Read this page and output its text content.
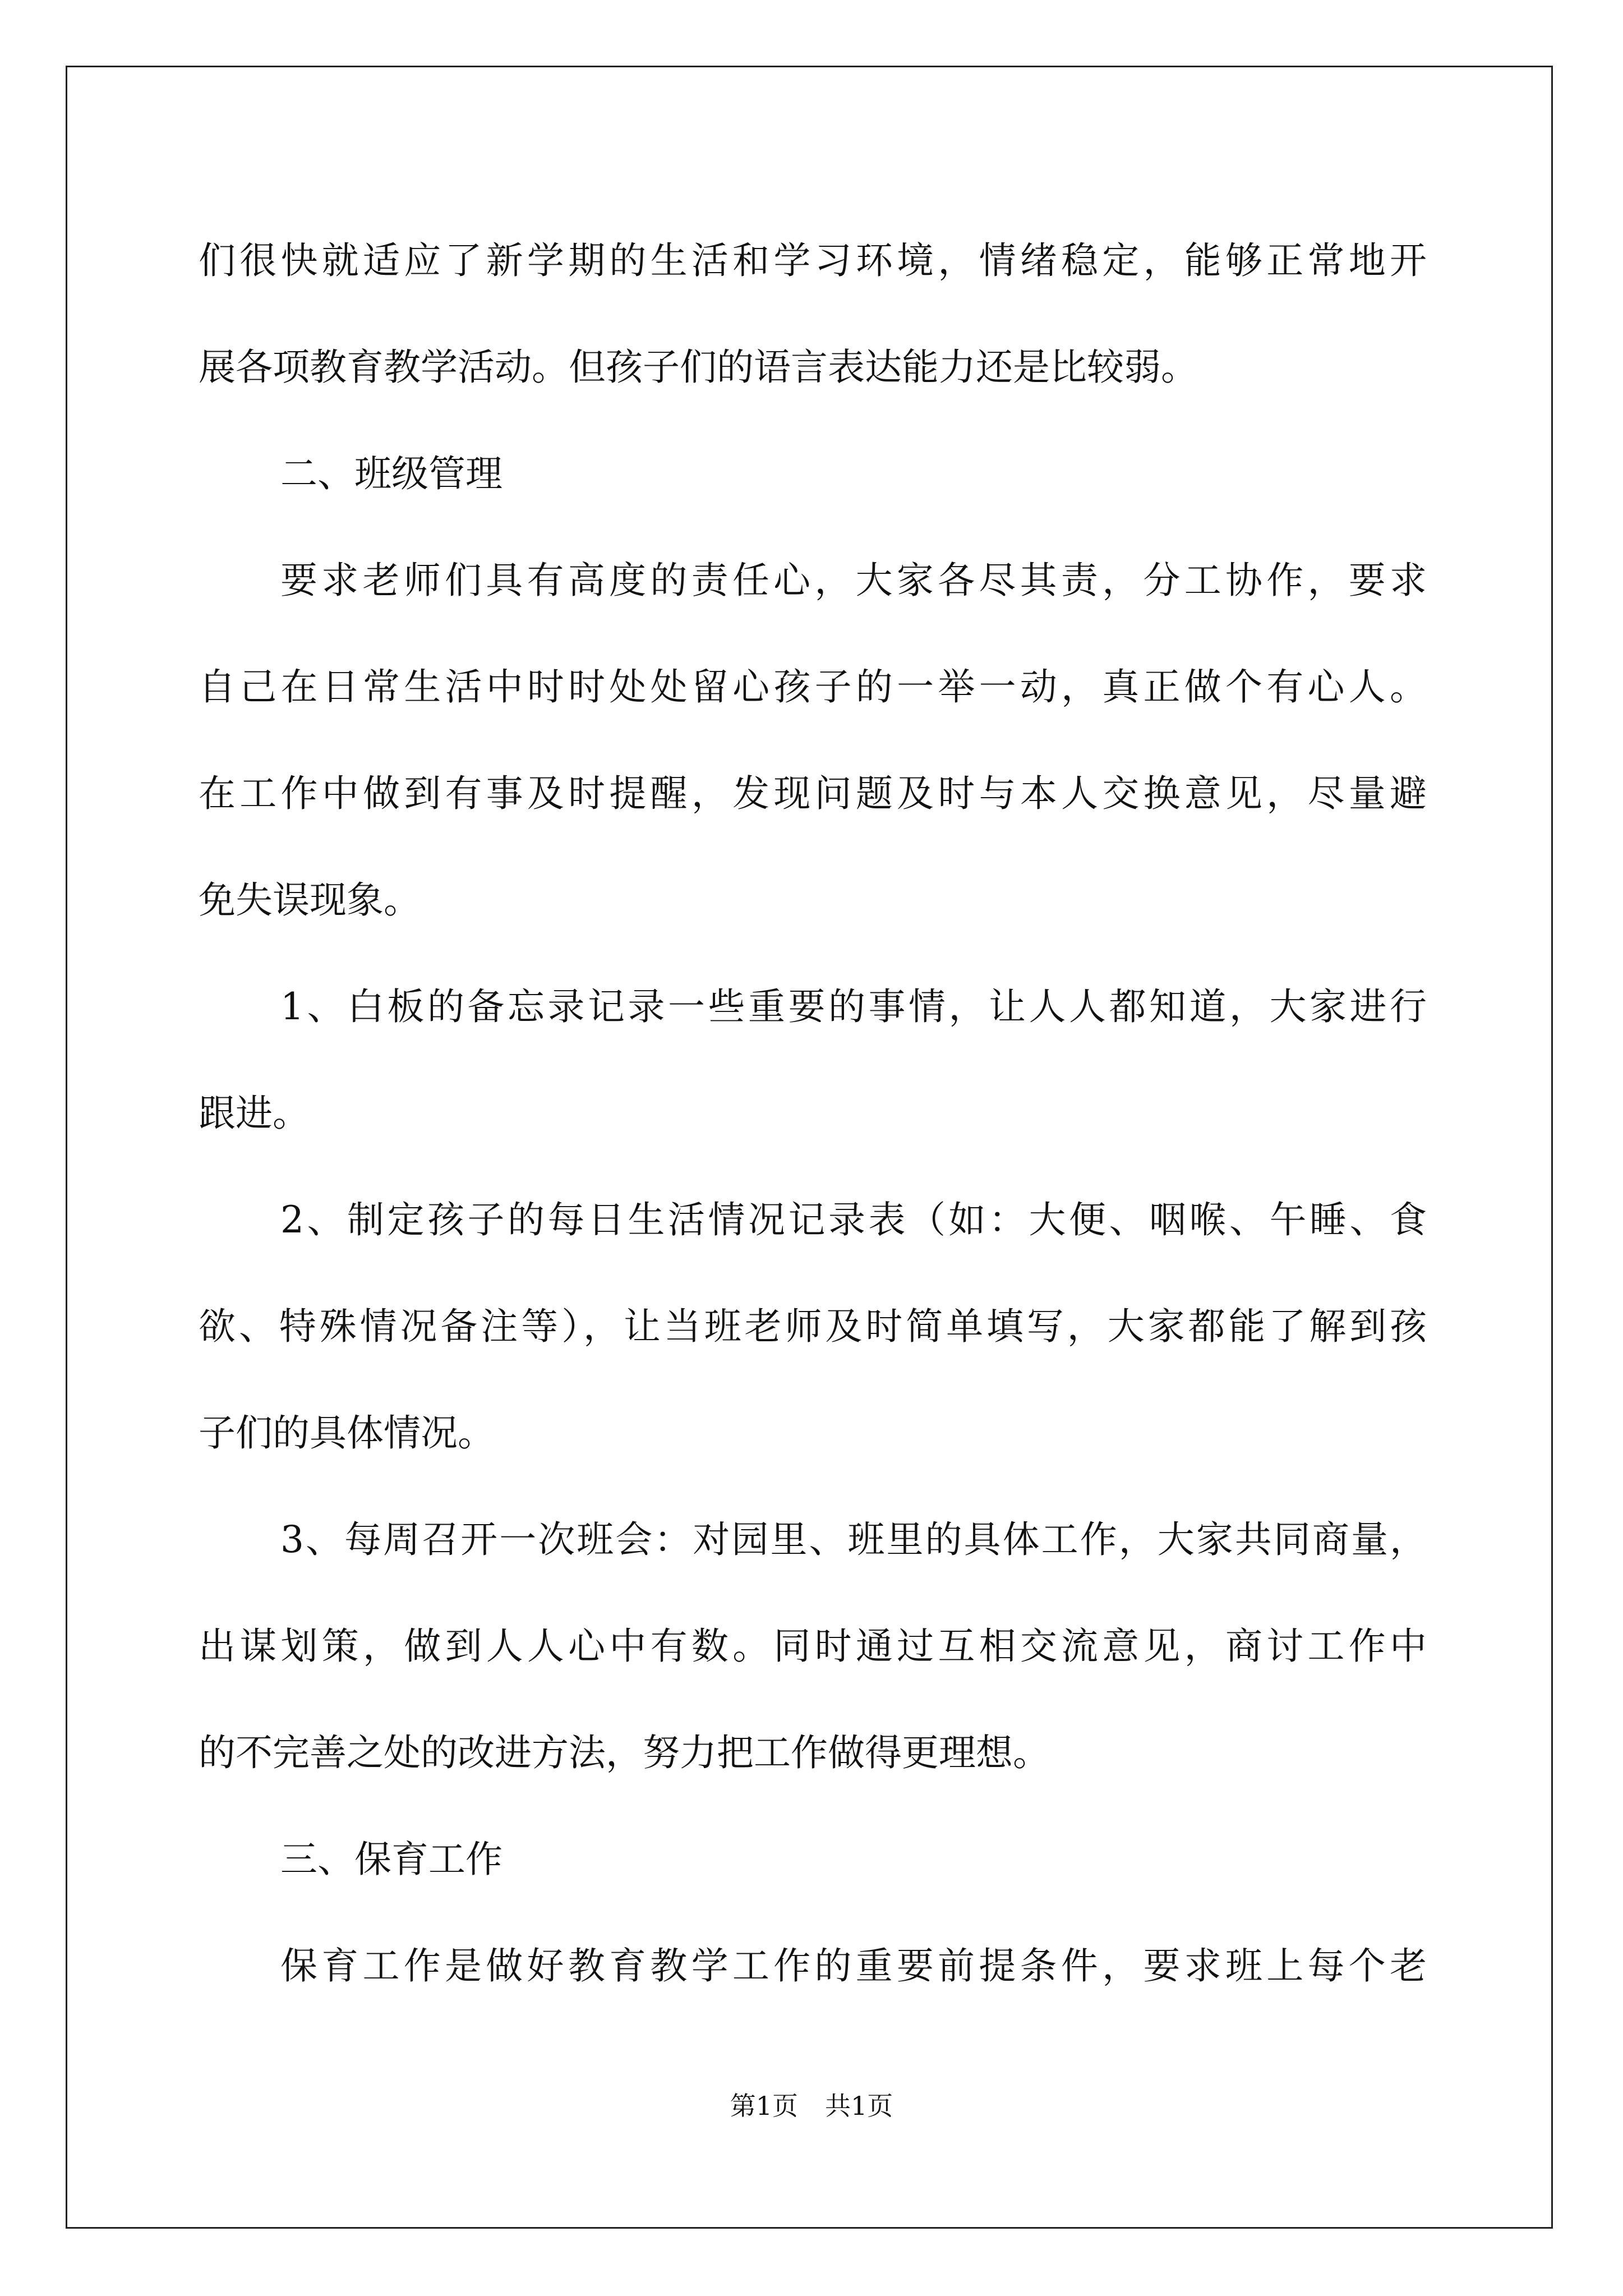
们很快就适应了新学期的生活和学习环境，情绪稳定，能够正常地开
展各项教育教学活动。但孩子们的语言表达能力还是比较弱。
二、班级管理
要求老师们具有高度的责任心，大家各尽其责，分工协作，要求
自己在日常生活中时时处处留心孩子的一举一动，真正做个有心人。
在工作中做到有事及时提醒，发现问题及时与本人交换意见，尽量避
免失误现象。
1、白板的备忘录记录一些重要的事情，让人人都知道，大家进行
跟进。
2、制定孩子的每日生活情况记录表（如：大便、咽喉、午睡、食
欲、特殊情况备注等），让当班老师及时简单填写，大家都能了解到孩
子们的具体情况。
3、每周召开一次班会：对园里、班里的具体工作，大家共同商量，
出谋划策，做到人人心中有数。同时通过互相交流意见，商讨工作中
的不完善之处的改进方法，努力把工作做得更理想。
三、保育工作
保育工作是做好教育教学工作的重要前提条件，要求班上每个老
第1页 共1页
